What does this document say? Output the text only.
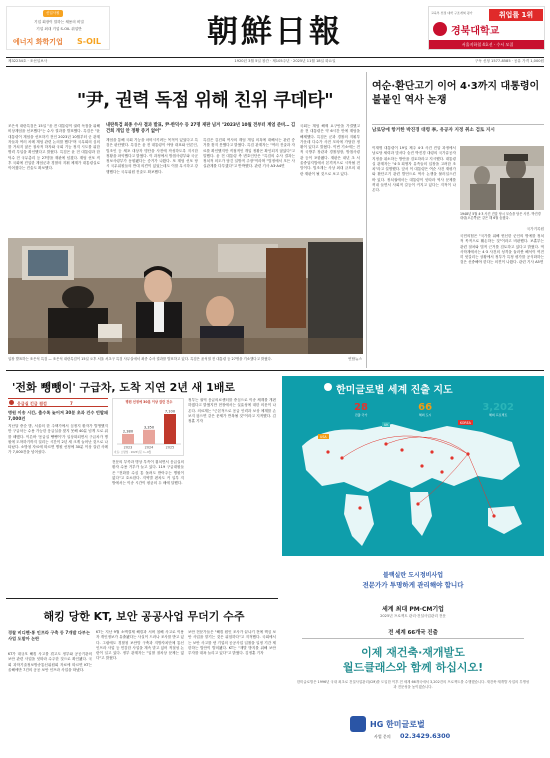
신입사원
기업 회장이 말하는 채용의 비밀
기업 최대 기업 S-OIL 취업반
에너지 화학기업 S-OIL	朝鮮日報
교육부 선정 대학 구조개혁 평가	취업률 1위
경북대학교
서울지하철 4호선 · 수시 모집
제32234호 · 조선일보사	1920년 3월 5일 창간 · 제105주년 · 2025년 11월 18일 화요일	구독 신청 1577-8585 · 공유 가격 1,000원
"尹, 권력 독점 위해 친위 쿠데타"
조은석 내란특검은 15일 "윤 전 대통령이 권력 독점을 위해 비상계엄을 선포했다"는 수사 결과를 발표했다. 특검은 "윤 대통령이 계엄을 선포하기 전인 2023년 10월부터 군 관계자들과 여러 차례 계엄 관련 논의를 했다"며 국무회의 심의를 거치지 않은 절차적 하자와 국회 기능 정지 시도를 위한 병력 투입을 확인했다고 밝혔다. 특검은 윤 전 대통령과 한덕수 전 국무총리 등 27명을 재판에 넘겼다. 계엄 선포 직후 국회에 진입한 계엄군과 경찰의 지휘 체계가 대통령실로 이어졌다는 진술도 확보했다.
내란특검 최종 수사 결과 발표, 尹·한덕수 등 27명 재판 넘겨 "2023년 10월 전부터 계엄 준비… 김건희 개입 안 정황 증거 없어"
계엄을 통해 국회 기능을 마비시키려는 목적이 있었다고 특검은 판단했다. 특검은 윤 전 대통령이 야당 대표와 언론인, 법조인 등 체포 대상자 명단을 사전에 작성하도록 지시한 정황을 파악했다고 밝혔다. 이 과정에서 방첩사령부와 국군정보사령부가 동원됐다는 증거가 나왔다. 또 계엄 선포 당시 국무위원들의 반대 의견이 있었는데도 이를 무시하고 강행했다는 국무위원 진술도 확보했다.
특검은 김건희 여사의 계엄 개입 의혹에 대해서는 관련 증거를 찾지 못했다고 밝혔다. 특검 관계자는 "여러 진술과 자료를 확인했지만 직접적인 개입 정황은 확인되지 않았다"고 말했다. 윤 전 대통령 측 변호인단은 "특검의 수사 결과는 정치적 의도가 담긴 일방적 주장"이라며 "법정에서 모든 사실관계를 다투겠다"고 반박했다. 관련 기사 A3·A4면
국회는 계엄 해제 요구안을 가결했고 윤 전 대통령은 약 6시간 만에 계엄을 해제했다. 특검은 군과 경찰의 지휘부 가운데 다수가 사전 모의에 가담한 정황이 있다고 밝혔다. 이번 기소에는 전직 국방부 장관과 경찰청장, 방첩사령관 등이 포함됐다. 재판은 내년 초 서울중앙지법에서 본격적으로 시작될 전망이다. 법조계는 사상 최대 규모의 내란 재판이 될 것으로 보고 있다.
입장 발표하는 조은석 특검 — 조은석 내란특검이 15일 오후 서울 서초구 특검 사무실에서 최종 수사 결과를 발표하고 있다. 특검은 윤석열 전 대통령 등 27명을 기소했다고 밝혔다.	연합뉴스
여순·환단고기 이어 4·3까지 대통령이 불붙인 역사 논쟁
남로당에 항거한 박진경 대령 李, 유공자 지정 취소 검토 지시
이재명 대통령이 19일 제주 4·3 사건 진압 과정에서 남로당 세력과 맞서다 숨진 박진경 대령의 국가유공자 지정을 취소하는 방안을 검토하라고 지시했다. 대통령실 관계자는 "4·3 희생자 유족들의 입장을 고려한 조치"라고 설명했다. 앞서 이 대통령은 여순 사건 재평가와 환단고기 관련 발언으로 역사 논쟁을 불러일으킨 바 있다. 정치권에서는 대통령이 잇따라 역사 문제를 꺼내 들면서 사회적 갈등이 커지고 있다는 지적이 나온다.
1948년 5월 4·3 사건 진압 당시 모습을 담은 사진. 박진경 대령(오른쪽)은 같은 해 6월 숨졌다.
국가기록원
국민의힘은 "국가를 위해 헌신한 군인의 명예를 정치적 목적으로 훼손하는 것"이라고 비판했다. 보훈부는 관련 절차와 법적 근거를 검토하고 있다고 밝혔다. 역사학계에서는 4·3 사건의 성격을 둘러싼 해석이 여전히 엇갈리는 상황에서 정부가 특정 평가를 공식화하는 것은 신중해야 한다는 의견이 나왔다. 관련 기사 A5면
'전화 뺑뺑이' 구급차, 도착 지연 2년 새 1배로
응급실 긴급 점검	7
병원 이송 시간, 출수록 늦어져 30분 초과 건수 빈발돼 7,000건
지난달 중순 밤, 서울의 한 주택가에서 심정지 환자가 발생했지만 구급차는 수용 가능한 응급실을 찾지 못해 40분 넘게 도로 위를 헤맸다. 이른바 '응급실 뺑뺑이'가 일상화되면서 구급차가 병원에 도착하기까지 걸리는 시간이 2년 새 크게 늘어난 것으로 나타났다. 소방청 자료에 따르면 병원 선정에 30분 이상 걸린 사례가 7,000건을 넘어섰다.
병원 선정에 30분 이상 걸린 건수
2,380
2023
3,350
2024
7,100
2025
자료: 소방청 · 2025년은 1~9월
전문의 부족과 병상 부족이 겹치면서 응급실의 환자 수용 거부가 늘고 있다. 119 구급대원들은 "전화를 수십 통 돌려도 받아주는 병원이 없다"고 호소한다. 지역별 편차도 커 일부 지방에서는 이송 시간이 평균의 두 배에 달했다.
정부는 권역 응급의료센터를 중심으로 이송 체계를 개편하겠다고 밝혔지만 현장에서는 실효성에 대한 의문이 나온다. 의료계는 "근본적으로 응급 인력과 보상 체계를 손보지 않으면 같은 문제가 반복될 것"이라고 지적했다. 김정훈 기자
해킹 당한 KT, 보안 공공사업 무더기 수주
경찰 비디펜·통 인프라 구축 등 7개발 다부는 사업 도맡아 논란
KT가 대규모 해킹 사고를 겪고도 정부와 공공기관의 보안 관련 사업을 잇따라 수주한 것으로 확인됐다. 국회 과학기술정보방송통신위원회 자료에 따르면 KT는 올해에만 7건의 공공 보안 인프라 사업을 따냈다.
KT는 지난 9월 소액결제 해킹과 서버 침해 사고로 이용자 개인정보가 유출됐다는 사실이 드러나 조사를 받고 있다. 그럼에도 경찰청 보안망 구축과 지방자치단체 통신 인프라 사업 등 민감한 사업을 계속 맡고 있어 적절성 논란이 일고 있다. 정부 관계자는 "입찰 절차상 문제는 없다"고 밝혔다.
보안 전문가들은 "해킹 원인 조사가 끝나기 전에 핵심 보안 사업을 맡기는 것은 위험하다"고 지적했다. 국회에서는 보안 사고를 낸 기업의 공공사업 입찰을 일정 기간 제한하는 법안이 발의됐다. KT는 "재발 방지를 위해 보안 투자를 대폭 늘리고 있다"고 밝혔다. 김정훈 기자
한미글로벌 세계 진출 지도
28
진출 국가
66
해외 도시
3,202
해외 프로젝트
KOREA
UK
USA
블랙실란 도시정비사업
전문가가 투명하게 관리해야 합니다
세계 최대 PM·CM기업
2025년 프로젝트 관리·건설사업관리 전문
전 세계 66개국 진출
이제 재건축·재개발도
월드클래스와 함께 하십시오!
한미글로벌은 1996년 국내 최초로 건설사업관리(CM)를 도입한 이후 전 세계 66개국에서 3,202건의 프로젝트를 수행했습니다. 재건축·재개발 사업의 투명성과 전문성을 높이겠습니다.
HG 한미글로벌
사업 문의 02.3429.6300
